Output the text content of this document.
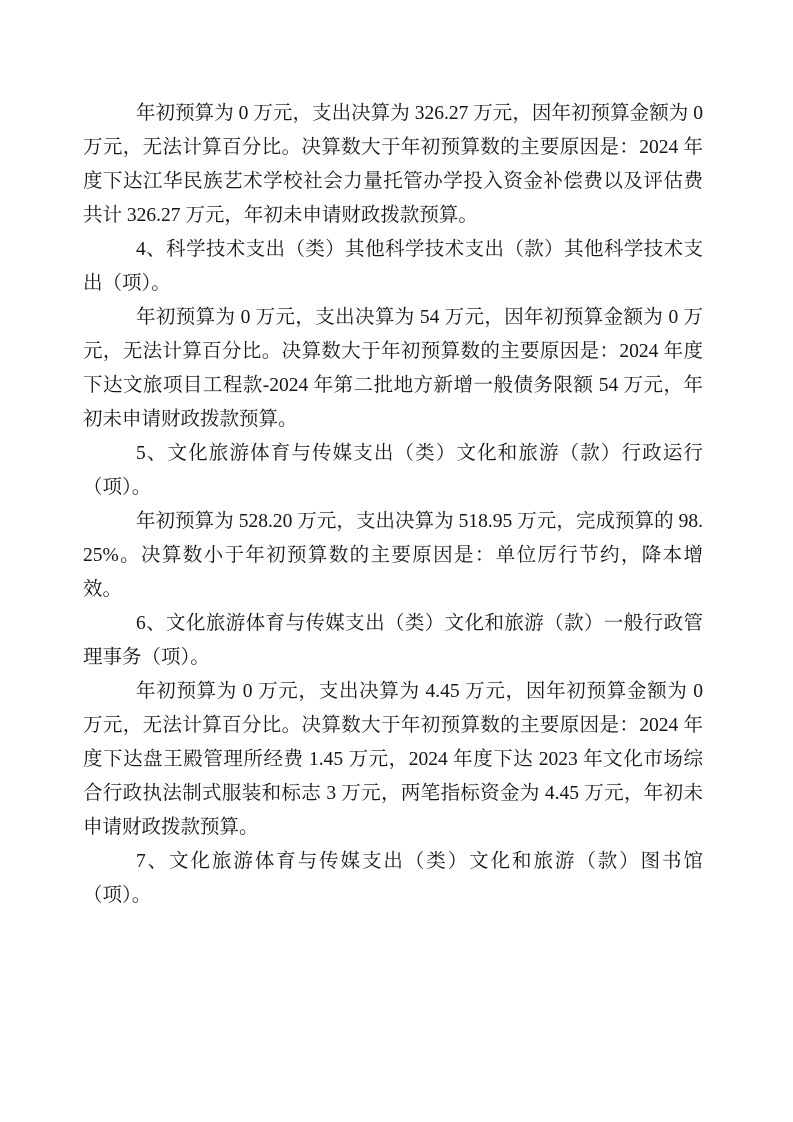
年初预算为 0 万元，支出决算为 326.27 万元，因年初预算金额为 0 万元，无法计算百分比。决算数大于年初预算数的主要原因是：2024 年度下达江华民族艺术学校社会力量托管办学投入资金补偿费以及评估费共计 326.27 万元，年初未申请财政拨款预算。

4、科学技术支出（类）其他科学技术支出（款）其他科学技术支出（项）。

年初预算为 0 万元，支出决算为 54 万元，因年初预算金额为 0 万元，无法计算百分比。决算数大于年初预算数的主要原因是：2024 年度下达文旅项目工程款-2024 年第二批地方新增一般债务限额 54 万元，年初未申请财政拨款预算。

5、文化旅游体育与传媒支出（类）文化和旅游（款）行政运行（项）。

年初预算为 528.20 万元，支出决算为 518.95 万元，完成预算的 98.25%。决算数小于年初预算数的主要原因是：单位厉行节约，降本增效。

6、文化旅游体育与传媒支出（类）文化和旅游（款）一般行政管理事务（项）。

年初预算为 0 万元，支出决算为 4.45 万元，因年初预算金额为 0 万元，无法计算百分比。决算数大于年初预算数的主要原因是：2024 年度下达盘王殿管理所经费 1.45 万元，2024 年度下达 2023 年文化市场综合行政执法制式服装和标志 3 万元，两笔指标资金为 4.45 万元，年初未申请财政拨款预算。

7、文化旅游体育与传媒支出（类）文化和旅游（款）图书馆（项）。
